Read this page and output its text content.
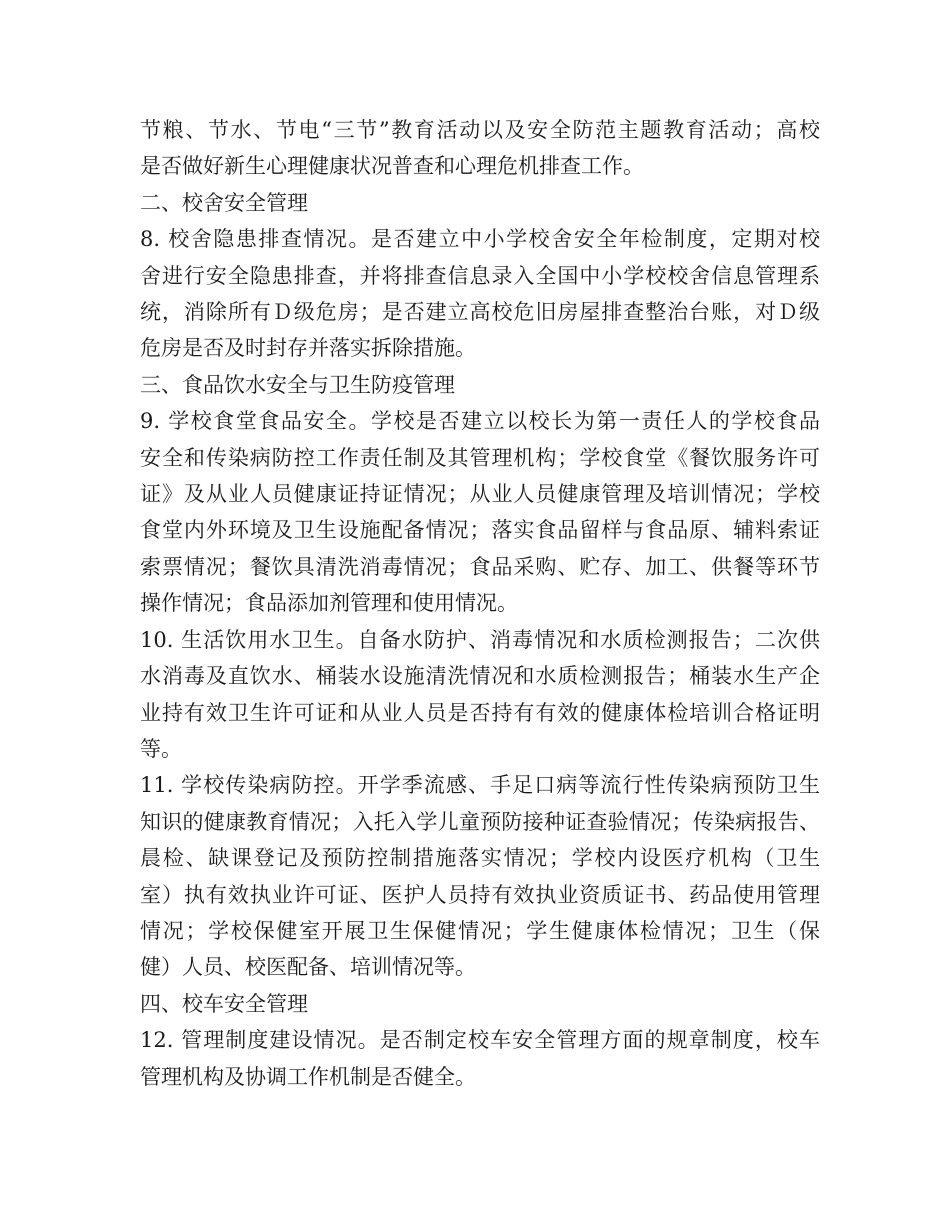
节粮、节水、节电“三节”教育活动以及安全防范主题教育活动；高校
是否做好新生心理健康状况普查和心理危机排查工作。

二、校舍安全管理

8. 校舍隐患排查情况。是否建立中小学校舍安全年检制度，定期对校
舍进行安全隐患排查，并将排查信息录入全国中小学校校舍信息管理系
统，消除所有Ｄ级危房；是否建立高校危旧房屋排查整治台账，对Ｄ级
危房是否及时封存并落实拆除措施。

三、食品饮水安全与卫生防疫管理

9. 学校食堂食品安全。学校是否建立以校长为第一责任人的学校食品
安全和传染病防控工作责任制及其管理机构；学校食堂《餐饮服务许可
证》及从业人员健康证持证情况；从业人员健康管理及培训情况；学校
食堂内外环境及卫生设施配备情况；落实食品留样与食品原、辅料索证
索票情况；餐饮具清洗消毒情况；食品采购、贮存、加工、供餐等环节
操作情况；食品添加剂管理和使用情况。

10. 生活饮用水卫生。自备水防护、消毒情况和水质检测报告；二次供
水消毒及直饮水、桶装水设施清洗情况和水质检测报告；桶装水生产企
业持有效卫生许可证和从业人员是否持有有效的健康体检培训合格证明
等。

11. 学校传染病防控。开学季流感、手足口病等流行性传染病预防卫生
知识的健康教育情况；入托入学儿童预防接种证查验情况；传染病报告、
晨检、缺课登记及预防控制措施落实情况；学校内设医疗机构（卫生
室）执有效执业许可证、医护人员持有效执业资质证书、药品使用管理
情况；学校保健室开展卫生保健情况；学生健康体检情况；卫生（保
健）人员、校医配备、培训情况等。

四、校车安全管理

12. 管理制度建设情况。是否制定校车安全管理方面的规章制度，校车
管理机构及协调工作机制是否健全。
